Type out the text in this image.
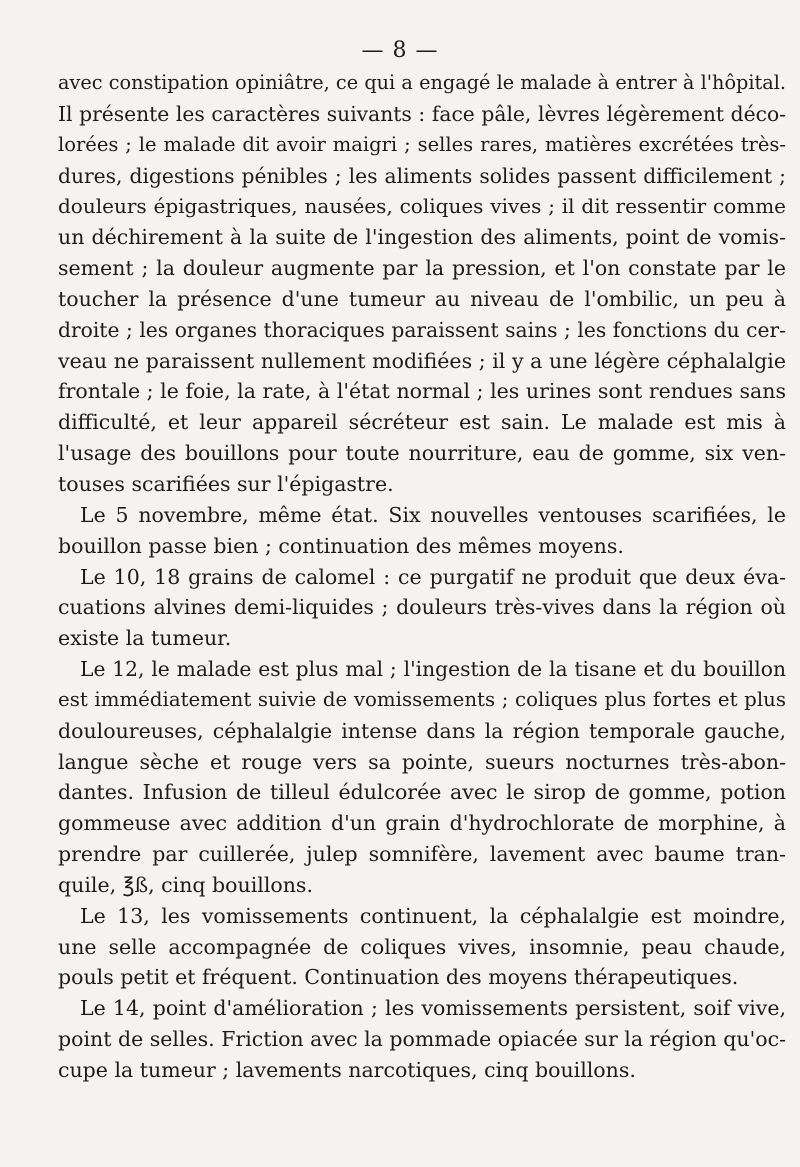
— 8 —
avec constipation opiniâtre, ce qui a engagé le malade à entrer à l'hôpital.
Il présente les caractères suivants : face pâle, lèvres légèrement déco-
lorées ; le malade dit avoir maigri ; selles rares, matières excrétées très-
dures, digestions pénibles ; les aliments solides passent difficilement ;
douleurs épigastriques, nausées, coliques vives ; il dit ressentir comme
un déchirement à la suite de l'ingestion des aliments, point de vomis-
sement ; la douleur augmente par la pression, et l'on constate par le
toucher la présence d'une tumeur au niveau de l'ombilic, un peu à
droite ; les organes thoraciques paraissent sains ; les fonctions du cer-
veau ne paraissent nullement modifiées ; il y a une légère céphalalgie
frontale ; le foie, la rate, à l'état normal ; les urines sont rendues sans
difficulté, et leur appareil sécréteur est sain. Le malade est mis à
l'usage des bouillons pour toute nourriture, eau de gomme, six ven-
touses scarifiées sur l'épigastre.
Le 5 novembre, même état. Six nouvelles ventouses scarifiées, le
bouillon passe bien ; continuation des mêmes moyens.
Le 10, 18 grains de calomel : ce purgatif ne produit que deux éva-
cuations alvines demi-liquides ; douleurs très-vives dans la région où
existe la tumeur.
Le 12, le malade est plus mal ; l'ingestion de la tisane et du bouillon
est immédiatement suivie de vomissements ; coliques plus fortes et plus
douloureuses, céphalalgie intense dans la région temporale gauche,
langue sèche et rouge vers sa pointe, sueurs nocturnes très-abon-
dantes. Infusion de tilleul édulcorée avec le sirop de gomme, potion
gommeuse avec addition d'un grain d'hydrochlorate de morphine, à
prendre par cuillerée, julep somnifère, lavement avec baume tran-
quile, ℥ß, cinq bouillons.
Le 13, les vomissements continuent, la céphalalgie est moindre,
une selle accompagnée de coliques vives, insomnie, peau chaude,
pouls petit et fréquent. Continuation des moyens thérapeutiques.
Le 14, point d'amélioration ; les vomissements persistent, soif vive,
point de selles. Friction avec la pommade opiacée sur la région qu'oc-
cupe la tumeur ; lavements narcotiques, cinq bouillons.
